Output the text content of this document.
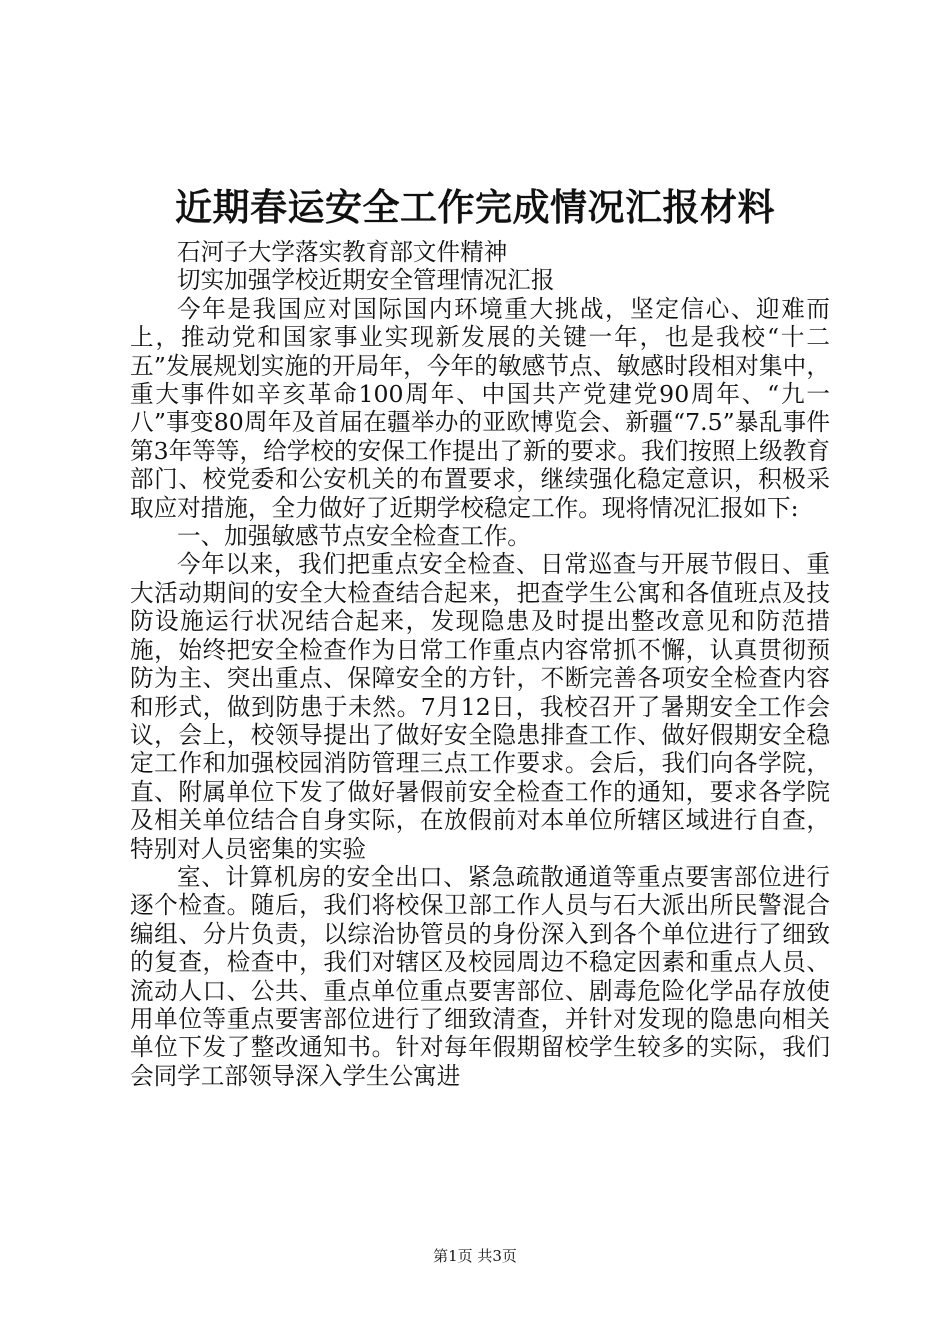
近期春运安全工作完成情况汇报材料

石河子大学落实教育部文件精神

切实加强学校近期安全管理情况汇报

今年是我国应对国际国内环境重大挑战，坚定信心、迎难而上，推动党和国家事业实现新发展的关键一年，也是我校“十二五”发展规划实施的开局年，今年的敏感节点、敏感时段相对集中，重大事件如辛亥革命100周年、中国共产党建党90周年、“九一八”事变80周年及首届在疆举办的亚欧博览会、新疆“7.5”暴乱事件第3年等等，给学校的安保工作提出了新的要求。我们按照上级教育部门、校党委和公安机关的布置要求，继续强化稳定意识，积极采取应对措施，全力做好了近期学校稳定工作。现将情况汇报如下:

一、加强敏感节点安全检查工作。

今年以来，我们把重点安全检查、日常巡查与开展节假日、重大活动期间的安全大检查结合起来，把查学生公寓和各值班点及技防设施运行状况结合起来，发现隐患及时提出整改意见和防范措施，始终把安全检查作为日常工作重点内容常抓不懈，认真贯彻预防为主、突出重点、保障安全的方针，不断完善各项安全检查内容和形式，做到防患于未然。7月12日，我校召开了暑期安全工作会议，会上，校领导提出了做好安全隐患排查工作、做好假期安全稳定工作和加强校园消防管理三点工作要求。会后，我们向各学院，直、附属单位下发了做好暑假前安全检查工作的通知，要求各学院及相关单位结合自身实际，在放假前对本单位所辖区域进行自查，特别对人员密集的实验

室、计算机房的安全出口、紧急疏散通道等重点要害部位进行逐个检查。随后，我们将校保卫部工作人员与石大派出所民警混合编组、分片负责，以综治协管员的身份深入到各个单位进行了细致的复查，检查中，我们对辖区及校园周边不稳定因素和重点人员、流动人口、公共、重点单位重点要害部位、剧毒危险化学品存放使用单位等重点要害部位进行了细致清查，并针对发现的隐患向相关单位下发了整改通知书。针对每年假期留校学生较多的实际，我们会同学工部领导深入学生公寓进

第1页 共3页
